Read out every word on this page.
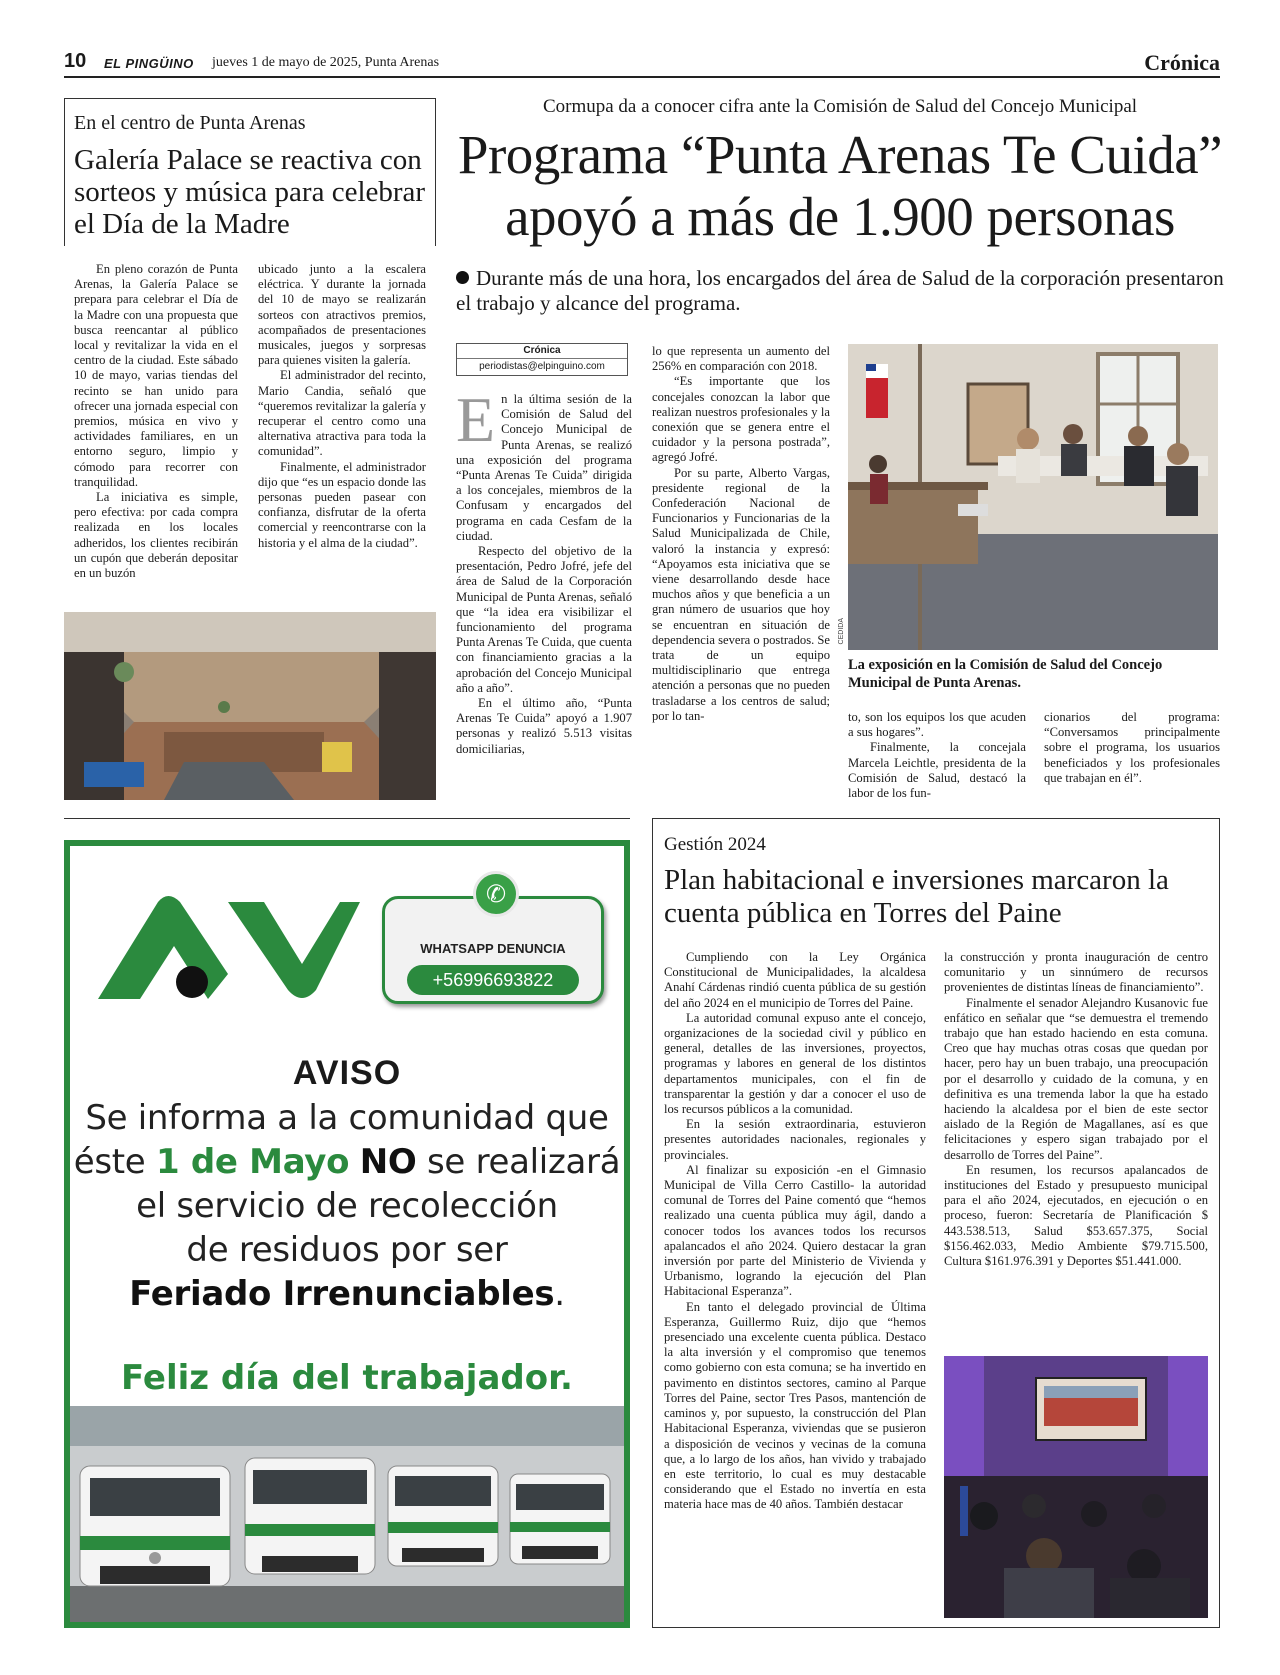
10 EL PINGÜINO jueves 1 de mayo de 2025, Punta Arenas	Crónica
En el centro de Punta Arenas
Galería Palace se reactiva con sorteos y música para celebrar el Día de la Madre

En pleno corazón de Punta Arenas, la Galería Palace se prepara para celebrar el Día de la Madre con una propuesta que busca reencantar al público local y revitalizar la vida en el centro de la ciudad. Este sábado 10 de mayo, varias tiendas del recinto se han unido para ofrecer una jornada especial con premios, música en vivo y actividades familiares, en un entorno seguro, limpio y cómodo para recorrer con tranquilidad.

La iniciativa es simple, pero efectiva: por cada compra realizada en los locales adheridos, los clientes recibirán un cupón que deberán depositar en un buzón

ubicado junto a la escalera eléctrica. Y durante la jornada del 10 de mayo se realizarán sorteos con atractivos premios, acompañados de presentaciones musicales, juegos y sorpresas para quienes visiten la galería.

El administrador del recinto, Mario Candia, señaló que “queremos revitalizar la galería y recuperar el centro como una alternativa atractiva para toda la comunidad”.

Finalmente, el administrador dijo que “es un espacio donde las personas pueden pasear con confianza, disfrutar de la oferta comercial y reencontrarse con la historia y el alma de la ciudad”.

Cormupa da a conocer cifra ante la Comisión de Salud del Concejo Municipal
Programa “Punta Arenas Te Cuida”
apoyó a más de 1.900 personas
Durante más de una hora, los encargados del área de Salud de la corporación presentaron el trabajo y alcance del programa.
Crónica
periodistas@elpinguino.com

En la última sesión de la Comisión de Salud del Concejo Municipal de Punta Arenas, se realizó una exposición del programa “Punta Arenas Te Cuida” dirigida a los concejales, miembros de la Confusam y encargados del programa en cada Cesfam de la ciudad.

Respecto del objetivo de la presentación, Pedro Jofré, jefe del área de Salud de la Corporación Municipal de Punta Arenas, señaló que “la idea era visibilizar el funcionamiento del programa Punta Arenas Te Cuida, que cuenta con financiamiento gracias a la aprobación del Concejo Municipal año a año”.

En el último año, “Punta Arenas Te Cuida” apoyó a 1.907 personas y realizó 5.513 visitas domiciliarias,

lo que representa un aumento del 256% en comparación con 2018.

“Es importante que los concejales conozcan la labor que realizan nuestros profesionales y la conexión que se genera entre el cuidador y la persona postrada”, agregó Jofré.

Por su parte, Alberto Vargas, presidente regional de la Confederación Nacional de Funcionarios y Funcionarias de la Salud Municipalizada de Chile, valoró la instancia y expresó: “Apoyamos esta iniciativa que se viene desarrollando desde hace muchos años y que beneficia a un gran número de usuarios que hoy se encuentran en situación de dependencia severa o postrados. Se trata de un equipo multidisciplinario que entrega atención a personas que no pueden trasladarse a los centros de salud; por lo tan-

CEDIDA
La exposición en la Comisión de Salud del Concejo Municipal de Punta Arenas.

to, son los equipos los que acuden a sus hogares”.

Finalmente, la concejala Marcela Leichtle, presidenta de la Comisión de Salud, destacó la labor de los fun-

cionarios del programa: “Conversamos principalmente sobre el programa, los usuarios beneficiados y los profesionales que trabajan en él”.

✆
WHATSAPP DENUNCIA
+56996693822
AVISO
Se informa a la comunidad que
éste 1 de Mayo NO se realizará
el servicio de recolección
de residuos por ser
Feriado Irrenunciables.
Feliz día del trabajador.
Gestión 2024
Plan habitacional e inversiones marcaron la cuenta pública en Torres del Paine

Cumpliendo con la Ley Orgánica Constitucional de Municipalidades, la alcaldesa Anahí Cárdenas rindió cuenta pública de su gestión del año 2024 en el municipio de Torres del Paine.

La autoridad comunal expuso ante el concejo, organizaciones de la sociedad civil y público en general, detalles de las inversiones, proyectos, programas y labores en general de los distintos departamentos municipales, con el fin de transparentar la gestión y dar a conocer el uso de los recursos públicos a la comunidad.

En la sesión extraordinaria, estuvieron presentes autoridades nacionales, regionales y provinciales.

Al finalizar su exposición -en el Gimnasio Municipal de Villa Cerro Castillo- la autoridad comunal de Torres del Paine comentó que “hemos realizado una cuenta pública muy ágil, dando a conocer todos los avances todos los recursos apalancados el año 2024. Quiero destacar la gran inversión por parte del Ministerio de Vivienda y Urbanismo, logrando la ejecución del Plan Habitacional Esperanza”.

En tanto el delegado provincial de Última Esperanza, Guillermo Ruiz, dijo que “hemos presenciado una excelente cuenta pública. Destaco la alta inversión y el compromiso que tenemos como gobierno con esta comuna; se ha invertido en pavimento en distintos sectores, camino al Parque Torres del Paine, sector Tres Pasos, mantención de caminos y, por supuesto, la construcción del Plan Habitacional Esperanza, viviendas que se pusieron a disposición de vecinos y vecinas de la comuna que, a lo largo de los años, han vivido y trabajado en este territorio, lo cual es muy destacable considerando que el Estado no invertía en esta materia hace mas de 40 años. También destacar

la construcción y pronta inauguración de centro comunitario y un sinnúmero de recursos provenientes de distintas líneas de financiamiento”.

Finalmente el senador Alejandro Kusanovic fue enfático en señalar que “se demuestra el tremendo trabajo que han estado haciendo en esta comuna. Creo que hay muchas otras cosas que quedan por hacer, pero hay un buen trabajo, una preocupación por el desarrollo y cuidado de la comuna, y en definitiva es una tremenda labor la que ha estado haciendo la alcaldesa por el bien de este sector aislado de la Región de Magallanes, así es que felicitaciones y espero sigan trabajado por el desarrollo de Torres del Paine”.

En resumen, los recursos apalancados de instituciones del Estado y presupuesto municipal para el año 2024, ejecutados, en ejecución o en proceso, fueron: Secretaría de Planificación $ 443.538.513, Salud $53.657.375, Social $156.462.033, Medio Ambiente $79.715.500, Cultura $161.976.391 y Deportes $51.441.000.
